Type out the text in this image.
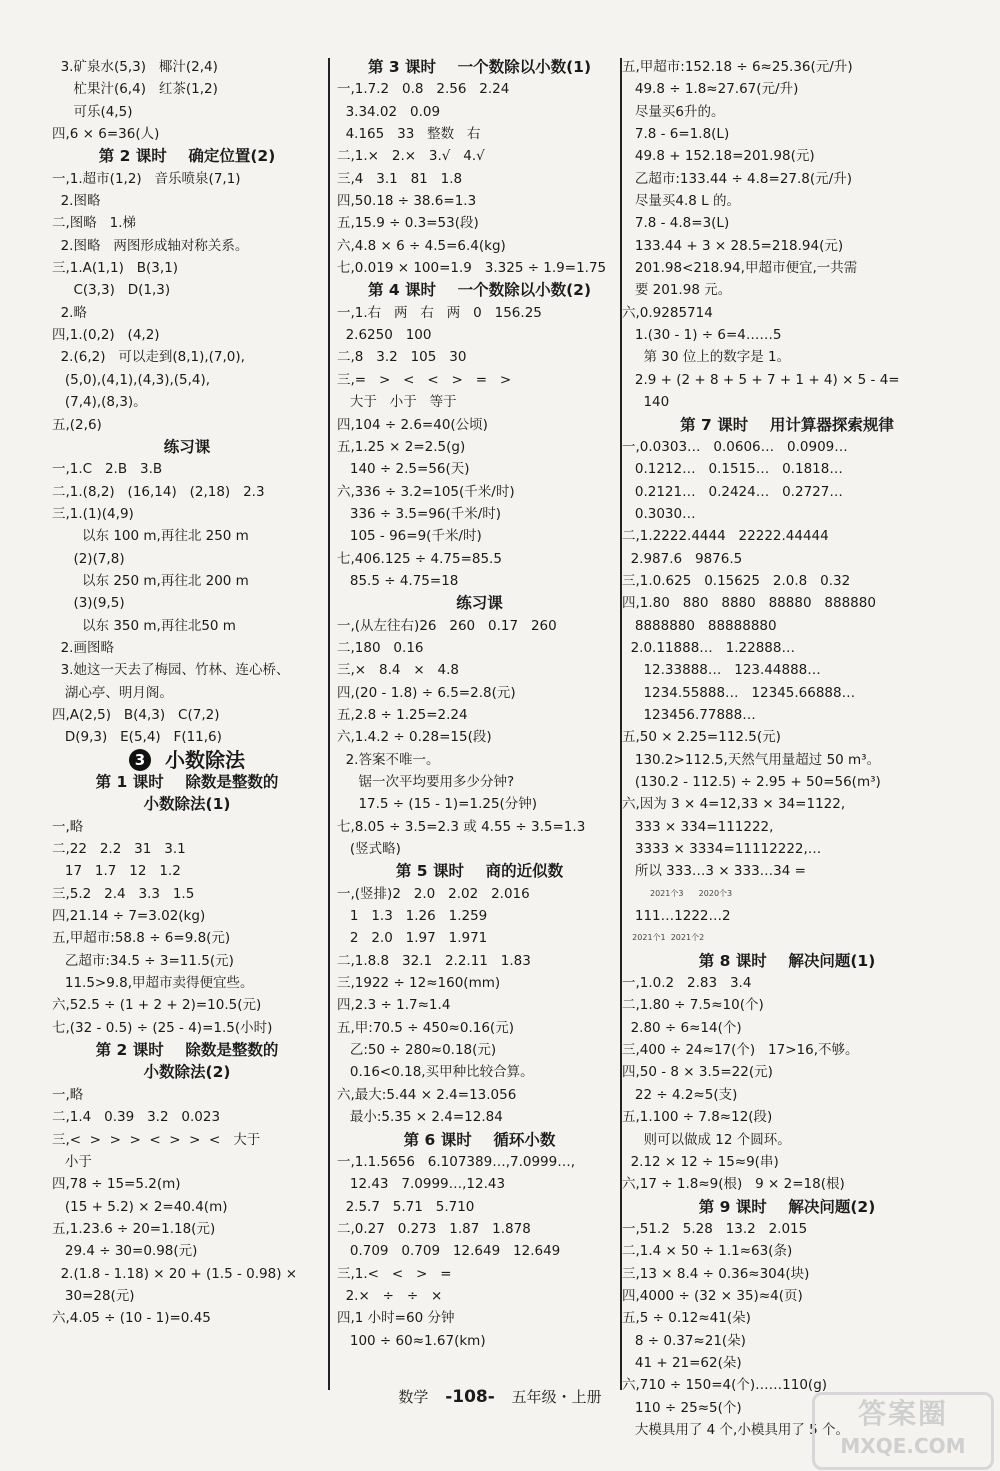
3.矿泉水(5,3)   椰汁(2,4)
杧果汁(6,4)   红茶(1,2)
可乐(4,5)
四,6 × 6=36(人)
第 2 课时    确定位置(2)
一,1.超市(1,2)   音乐喷泉(7,1)
2.图略
二,图略   1.梯
2.图略   两图形成轴对称关系。
三,1.A(1,1)   B(3,1)
C(3,3)   D(1,3)
2.略
四,1.(0,2)   (4,2)
2.(6,2)   可以走到(8,1),(7,0),
(5,0),(4,1),(4,3),(5,4),
(7,4),(8,3)。
五,(2,6)
练习课
一,1.C   2.B   3.B
二,1.(8,2)   (16,14)   (2,18)   2.3
三,1.(1)(4,9)
以东 100 m,再往北 250 m
(2)(7,8)
以东 250 m,再往北 200 m
(3)(9,5)
以东 350 m,再往北50 m
2.画图略
3.她这一天去了梅园、竹林、连心桥、
湖心亭、明月阁。
四,A(2,5)   B(4,3)   C(7,2)
D(9,3)   E(5,4)   F(11,6)
3 小数除法
第 1 课时    除数是整数的
小数除法(1)
一,略
二,22   2.2   31   3.1
17   1.7   12   1.2
三,5.2   2.4   3.3   1.5
四,21.14 ÷ 7=3.02(kg)
五,甲超市:58.8 ÷ 6=9.8(元)
乙超市:34.5 ÷ 3=11.5(元)
11.5>9.8,甲超市卖得便宜些。
六,52.5 ÷ (1 + 2 + 2)=10.5(元)
七,(32 - 0.5) ÷ (25 - 4)=1.5(小时)
第 2 课时    除数是整数的
小数除法(2)
一,略
二,1.4   0.39   3.2   0.023
三,<  >  >  >  <  >  >  <   大于
小于
四,78 ÷ 15=5.2(m)
(15 + 5.2) × 2=40.4(m)
五,1.23.6 ÷ 20=1.18(元)
29.4 ÷ 30=0.98(元)
2.(1.8 - 1.18) × 20 + (1.5 - 0.98) ×
30=28(元)
六,4.05 ÷ (10 - 1)=0.45
第 3 课时    一个数除以小数(1)
一,1.7.2   0.8   2.56   2.24
3.34.02   0.09
4.165   33   整数   右
二,1.×   2.×   3.√   4.√
三,4   3.1   81   1.8
四,50.18 ÷ 38.6=1.3
五,15.9 ÷ 0.3=53(段)
六,4.8 × 6 ÷ 4.5=6.4(kg)
七,0.019 × 100=1.9   3.325 ÷ 1.9=1.75
第 4 课时    一个数除以小数(2)
一,1.右   两   右   两   0   156.25
2.6250   100
二,8   3.2   105   30
三,=   >   <   <   >   =   >
大于   小于   等于
四,104 ÷ 2.6=40(公顷)
五,1.25 × 2=2.5(g)
140 ÷ 2.5=56(天)
六,336 ÷ 3.2=105(千米/时)
336 ÷ 3.5=96(千米/时)
105 - 96=9(千米/时)
七,406.125 ÷ 4.75=85.5
85.5 ÷ 4.75=18
练习课
一,(从左往右)26   260   0.17   260
二,180   0.16
三,×   8.4   ×   4.8
四,(20 - 1.8) ÷ 6.5=2.8(元)
五,2.8 ÷ 1.25=2.24
六,1.4.2 ÷ 0.28=15(段)
2.答案不唯一。
锯一次平均要用多少分钟?
17.5 ÷ (15 - 1)=1.25(分钟)
七,8.05 ÷ 3.5=2.3 或 4.55 ÷ 3.5=1.3
(竖式略)
第 5 课时    商的近似数
一,(竖排)2   2.0   2.02   2.016
1   1.3   1.26   1.259
2   2.0   1.97   1.971
二,1.8.8   32.1   2.2.11   1.83
三,1922 ÷ 12≈160(mm)
四,2.3 ÷ 1.7≈1.4
五,甲:70.5 ÷ 450≈0.16(元)
乙:50 ÷ 280≈0.18(元)
0.16<0.18,买甲种比较合算。
六,最大:5.44 × 2.4=13.056
最小:5.35 × 2.4=12.84
第 6 课时    循环小数
一,1.1.5656   6.107389…,7.0999…,
12.43   7.0999…,12.43
2.5.7   5.71   5.710
二,0.27   0.273   1.87   1.878
0.709   0.709   12.649   12.649
三,1.<   <   >   =
2.×   ÷   ÷   ×
四,1 小时=60 分钟
100 ÷ 60≈1.67(km)
五,甲超市:152.18 ÷ 6≈25.36(元/升)
49.8 ÷ 1.8≈27.67(元/升)
尽量买6升的。
7.8 - 6=1.8(L)
49.8 + 152.18=201.98(元)
乙超市:133.44 ÷ 4.8=27.8(元/升)
尽量买4.8 L 的。
7.8 - 4.8=3(L)
133.44 + 3 × 28.5=218.94(元)
201.98<218.94,甲超市便宜,一共需
要 201.98 元。
六,0.9285714
1.(30 - 1) ÷ 6=4……5
第 30 位上的数字是 1。
2.9 + (2 + 8 + 5 + 7 + 1 + 4) × 5 - 4=
140
第 7 课时    用计算器探索规律
一,0.0303…   0.0606…   0.0909…
0.1212…   0.1515…   0.1818…
0.2121…   0.2424…   0.2727…
0.3030…
二,1.2222.4444   22222.44444
2.987.6   9876.5
三,1.0.625   0.15625   2.0.8   0.32
四,1.80   880   8880   88880   888880
8888880   88888880
2.0.11888…   1.22888…
12.33888…   123.44888…
1234.55888…   12345.66888…
123456.77888…
五,50 × 2.25=112.5(元)
130.2>112.5,天然气用量超过 50 m³。
(130.2 - 112.5) ÷ 2.95 + 50=56(m³)
六,因为 3 × 4=12,33 × 34=1122,
333 × 334=111222,
3333 × 3334=11112222,…
所以 333…3 × 333…34 =
2021个3      2020个3
111…1222…2
2021个1  2021个2
第 8 课时    解决问题(1)
一,1.0.2   2.83   3.4
二,1.80 ÷ 7.5≈10(个)
2.80 ÷ 6≈14(个)
三,400 ÷ 24≈17(个)   17>16,不够。
四,50 - 8 × 3.5=22(元)
22 ÷ 4.2≈5(支)
五,1.100 ÷ 7.8≈12(段)
则可以做成 12 个圆环。
2.12 × 12 ÷ 15≈9(串)
六,17 ÷ 1.8≈9(根)   9 × 2=18(根)
第 9 课时    解决问题(2)
一,51.2   5.28   13.2   2.015
二,1.4 × 50 ÷ 1.1≈63(条)
三,13 × 8.4 ÷ 0.36≈304(块)
四,4000 ÷ (32 × 35)≈4(页)
五,5 ÷ 0.12≈41(朵)
8 ÷ 0.37≈21(朵)
41 + 21=62(朵)
六,710 ÷ 150=4(个)……110(g)
110 ÷ 25≈5(个)
大模具用了 4 个,小模具用了 5 个。
数学 -108- 五年级・上册	答案圈
MXQE.COM
